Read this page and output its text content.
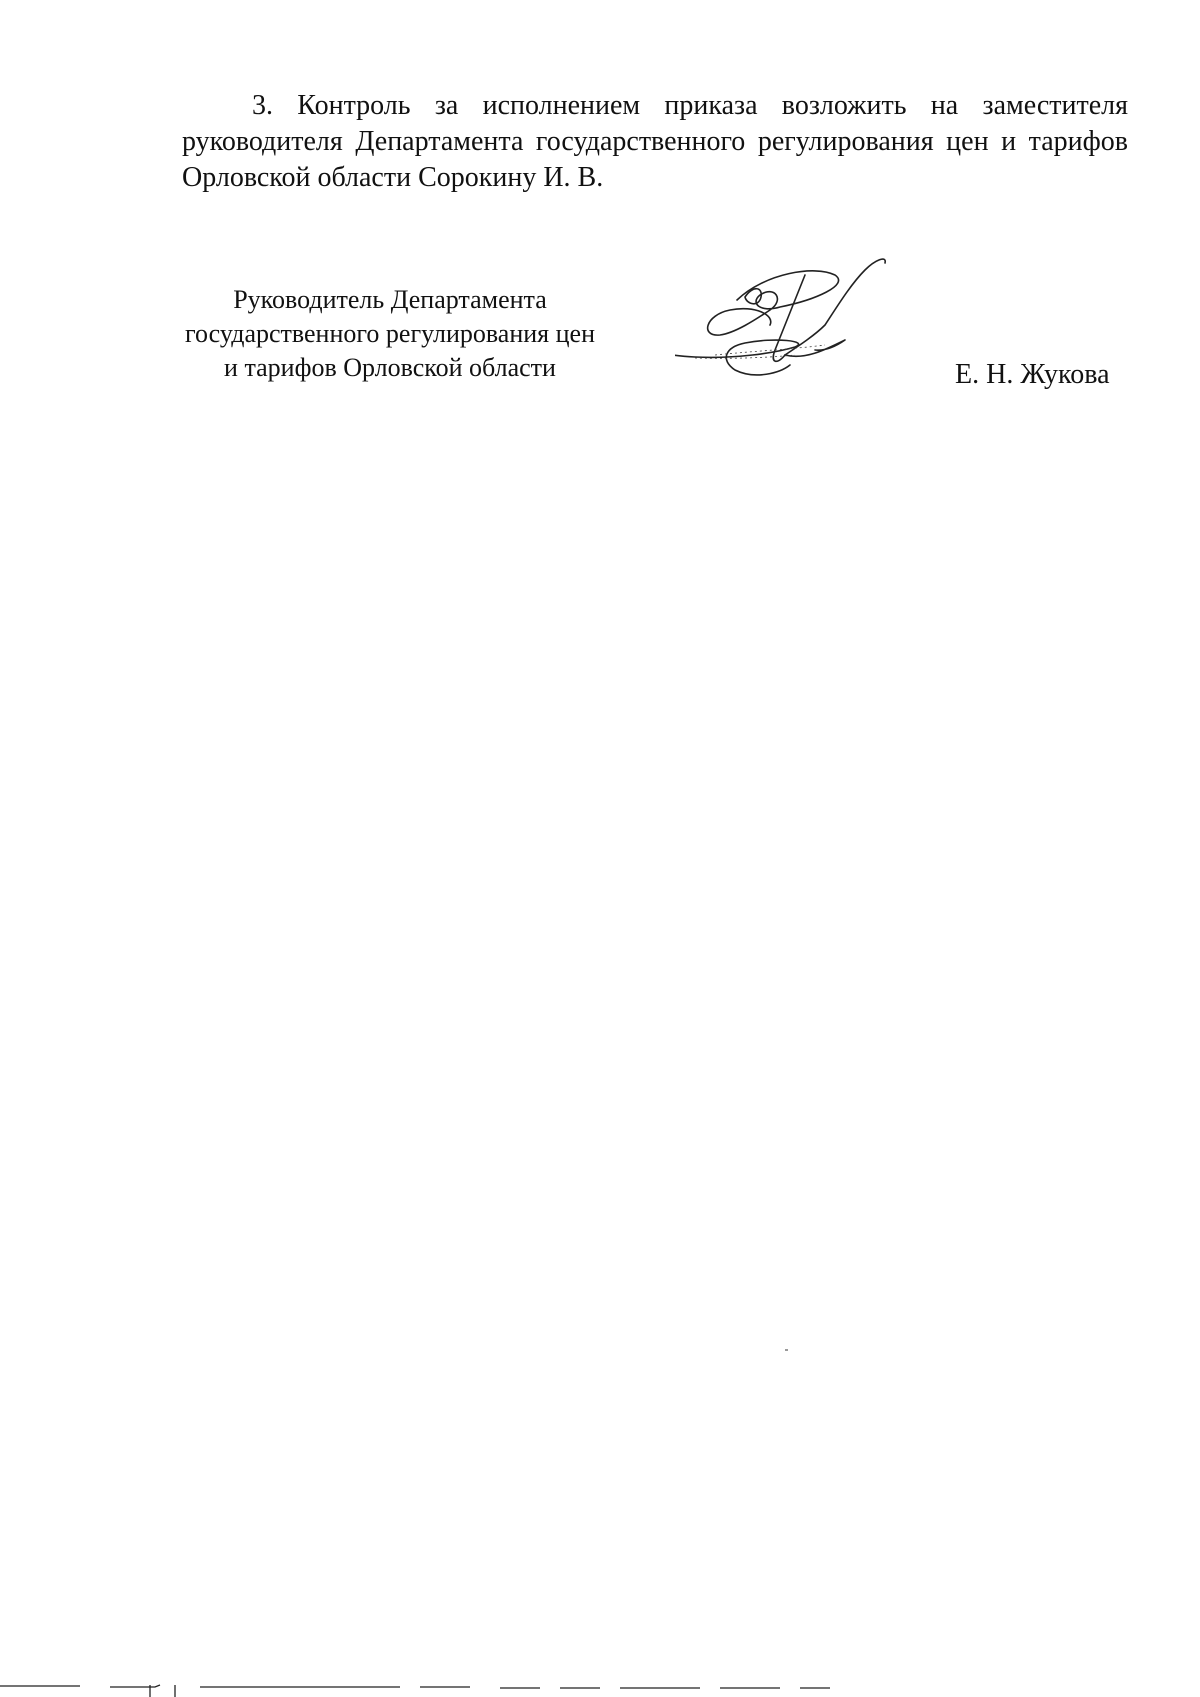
3. Контроль за исполнением приказа возложить на заместителя руководителя Департамента государственного регулирования цен и тарифов Орловской области Сорокину И. В.

Руководитель Департамента
государственного регулирования цен
и тарифов Орловской области	Е. Н. Жукова
